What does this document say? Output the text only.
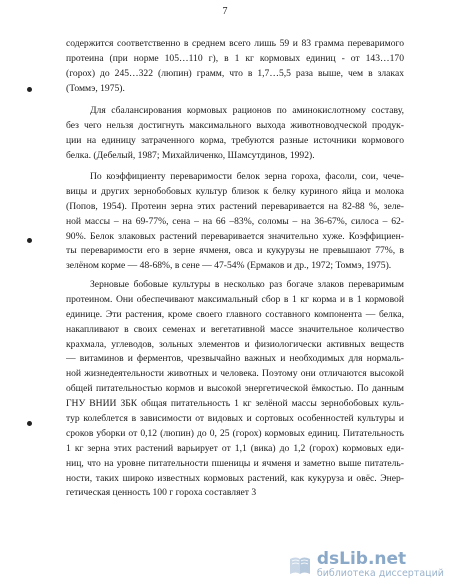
7
содержится соответственно в среднем всего лишь 59 и 83 грамма переваримого
протеина (при норме 105…110 г), в 1 кг кормовых единиц - от 143…170
(горох) до 245…322 (люпин) грамм, что в 1,7…5,5 раза выше, чем в злаках
(Томмэ, 1975).
Для сбалансирования кормовых рационов по аминокислотному составу,
без чего нельзя достигнуть максимального выхода животноводческой продук-
ции на единицу затраченного корма, требуются разные источники кормового
белка. (Дебелый, 1987; Михайличенко, Шамсутдинов, 1992).
По коэффициенту переваримости белок зерна гороха, фасоли, сои, чече-
вицы и других зернобобовых культур близок к белку куриного яйца и молока
(Попов, 1954). Протеин зерна этих растений переваривается на 82-88 %, зеле-
ной массы – на 69-77%, сена – на 66 –83%, соломы – на 36-67%, силоса – 62-
90%. Белок злаковых растений переваривается значительно хуже. Коэффициен-
ты переваримости его в зерне ячменя, овса и кукурузы не превышают 77%, в
зелёном корме — 48-68%, в сене — 47-54% (Ермаков и др., 1972; Томмэ, 1975).
Зерновые бобовые культуры в несколько раз богаче злаков переваримым
протеином. Они обеспечивают максимальный сбор в 1 кг корма и в 1 кормовой
единице. Эти растения, кроме своего главного составного компонента — белка,
накапливают в своих семенах и вегетативной массе значительное количество
крахмала, углеводов, зольных элементов и физиологически активных веществ
— витаминов и ферментов, чрезвычайно важных и необходимых для нормаль-
ной жизнедеятельности животных и человека. Поэтому они отличаются высокой
общей питательностью кормов и высокой энергетической ёмкостью. По данным
ГНУ ВНИИ ЗБК общая питательность 1 кг зелёной массы зернобобовых куль-
тур колеблется в зависимости от видовых и сортовых особенностей культуры и
сроков уборки от 0,12 (люпин) до 0, 25 (горох) кормовых единиц. Питательность
1 кг зерна этих растений варьирует от 1,1 (вика) до 1,2 (горох) кормовых еди-
ниц, что на уровне питательности пшеницы и ячменя и заметно выше питатель-
ности, таких широко известных кормовых растений, как кукуруза и овёс. Энер-
гетическая ценность 100 г гороха составляет 3
dsLib.net
библиотека диссертаций
